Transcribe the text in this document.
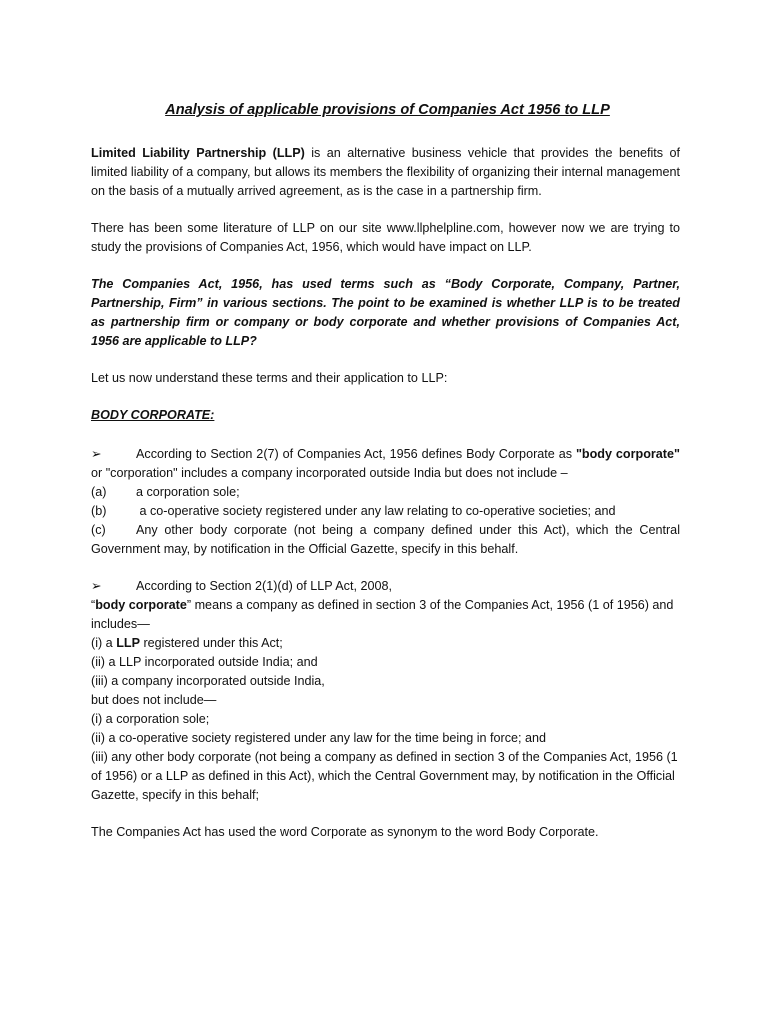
Analysis of applicable provisions of Companies Act 1956 to LLP

Limited Liability Partnership (LLP) is an alternative business vehicle that provides the benefits of limited liability of a company, but allows its members the flexibility of organizing their internal management on the basis of a mutually arrived agreement, as is the case in a partnership firm.

There has been some literature of LLP on our site www.llphelpline.com, however now we are trying to study the provisions of Companies Act, 1956, which would have impact on LLP.

The Companies Act, 1956, has used terms such as “Body Corporate, Company, Partner, Partnership, Firm” in various sections. The point to be examined is whether LLP is to be treated as partnership firm or company or body corporate and whether provisions of Companies Act, 1956 are applicable to LLP?

Let us now understand these terms and their application to LLP:

BODY CORPORATE:
➢	According to Section 2(7) of Companies Act, 1956 defines Body Corporate as "body corporate" or "corporation" includes a company incorporated outside India but does not include –
(a)	a corporation sole;
(b)	a co-operative society registered under any law relating to co-operative societies; and
(c) Any other body corporate (not being a company defined under this Act), which the Central Government may, by notification in the Official Gazette, specify in this behalf.
➢	According to Section 2(1)(d) of LLP Act, 2008,
“body corporate” means a company as defined in section 3 of the Companies Act, 1956 (1 of 1956) and includes—
(i) a LLP registered under this Act;
(ii) a LLP incorporated outside India; and
(iii) a company incorporated outside India,
but does not include—
(i) a corporation sole;
(ii) a co-operative society registered under any law for the time being in force; and
(iii) any other body corporate (not being a company as defined in section 3 of the Companies Act, 1956 (1 of 1956) or a LLP as defined in this Act), which the Central Government may, by notification in the Official Gazette, specify in this behalf;

The Companies Act has used the word Corporate as synonym to the word Body Corporate.
